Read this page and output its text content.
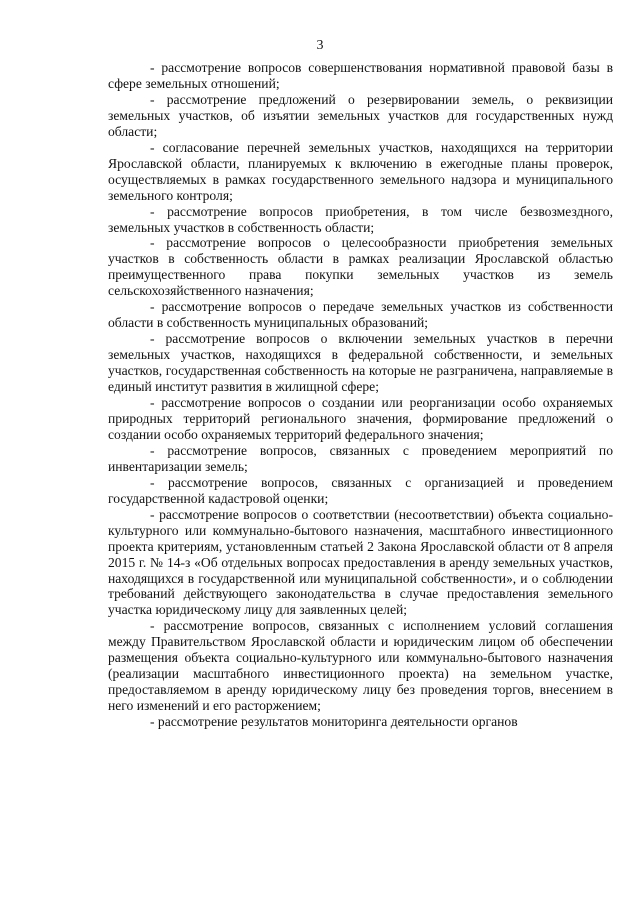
3

- рассмотрение вопросов совершенствования нормативной правовой базы в сфере земельных отношений;

- рассмотрение предложений о резервировании земель, о реквизиции земельных участков, об изъятии земельных участков для государственных нужд области;

- согласование перечней земельных участков, находящихся на территории Ярославской области, планируемых к включению в ежегодные планы проверок, осуществляемых в рамках государственного земельного надзора и муниципального земельного контроля;

- рассмотрение вопросов приобретения, в том числе безвозмездного, земельных участков в собственность области;

- рассмотрение вопросов о целесообразности приобретения земельных участков в собственность области в рамках реализации Ярославской областью преимущественного права покупки земельных участков из земель сельскохозяйственного назначения;

- рассмотрение вопросов о передаче земельных участков из собственности области в собственность муниципальных образований;

- рассмотрение вопросов о включении земельных участков в перечни земельных участков, находящихся в федеральной собственности, и земельных участков, государственная собственность на которые не разграничена, направляемые в единый институт развития в жилищной сфере;

- рассмотрение вопросов о создании или реорганизации особо охраняемых природных территорий регионального значения, формирование предложений о создании особо охраняемых территорий федерального значения;

- рассмотрение вопросов, связанных с проведением мероприятий по инвентаризации земель;

- рассмотрение вопросов, связанных с организацией и проведением государственной кадастровой оценки;

- рассмотрение вопросов о соответствии (несоответствии) объекта социально-культурного или коммунально-бытового назначения, масштабного инвестиционного проекта критериям, установленным статьей 2 Закона Ярославской области от 8 апреля 2015 г. № 14-з «Об отдельных вопросах предоставления в аренду земельных участков, находящихся в государственной или муниципальной собственности», и о соблюдении требований действующего законодательства в случае предоставления земельного участка юридическому лицу для заявленных целей;

- рассмотрение вопросов, связанных с исполнением условий соглашения между Правительством Ярославской области и юридическим лицом об обеспечении размещения объекта социально-культурного или коммунально-бытового назначения (реализации масштабного инвестиционного проекта) на земельном участке, предоставляемом в аренду юридическому лицу без проведения торгов, внесением в него изменений и его расторжением;

- рассмотрение результатов мониторинга деятельности органов
